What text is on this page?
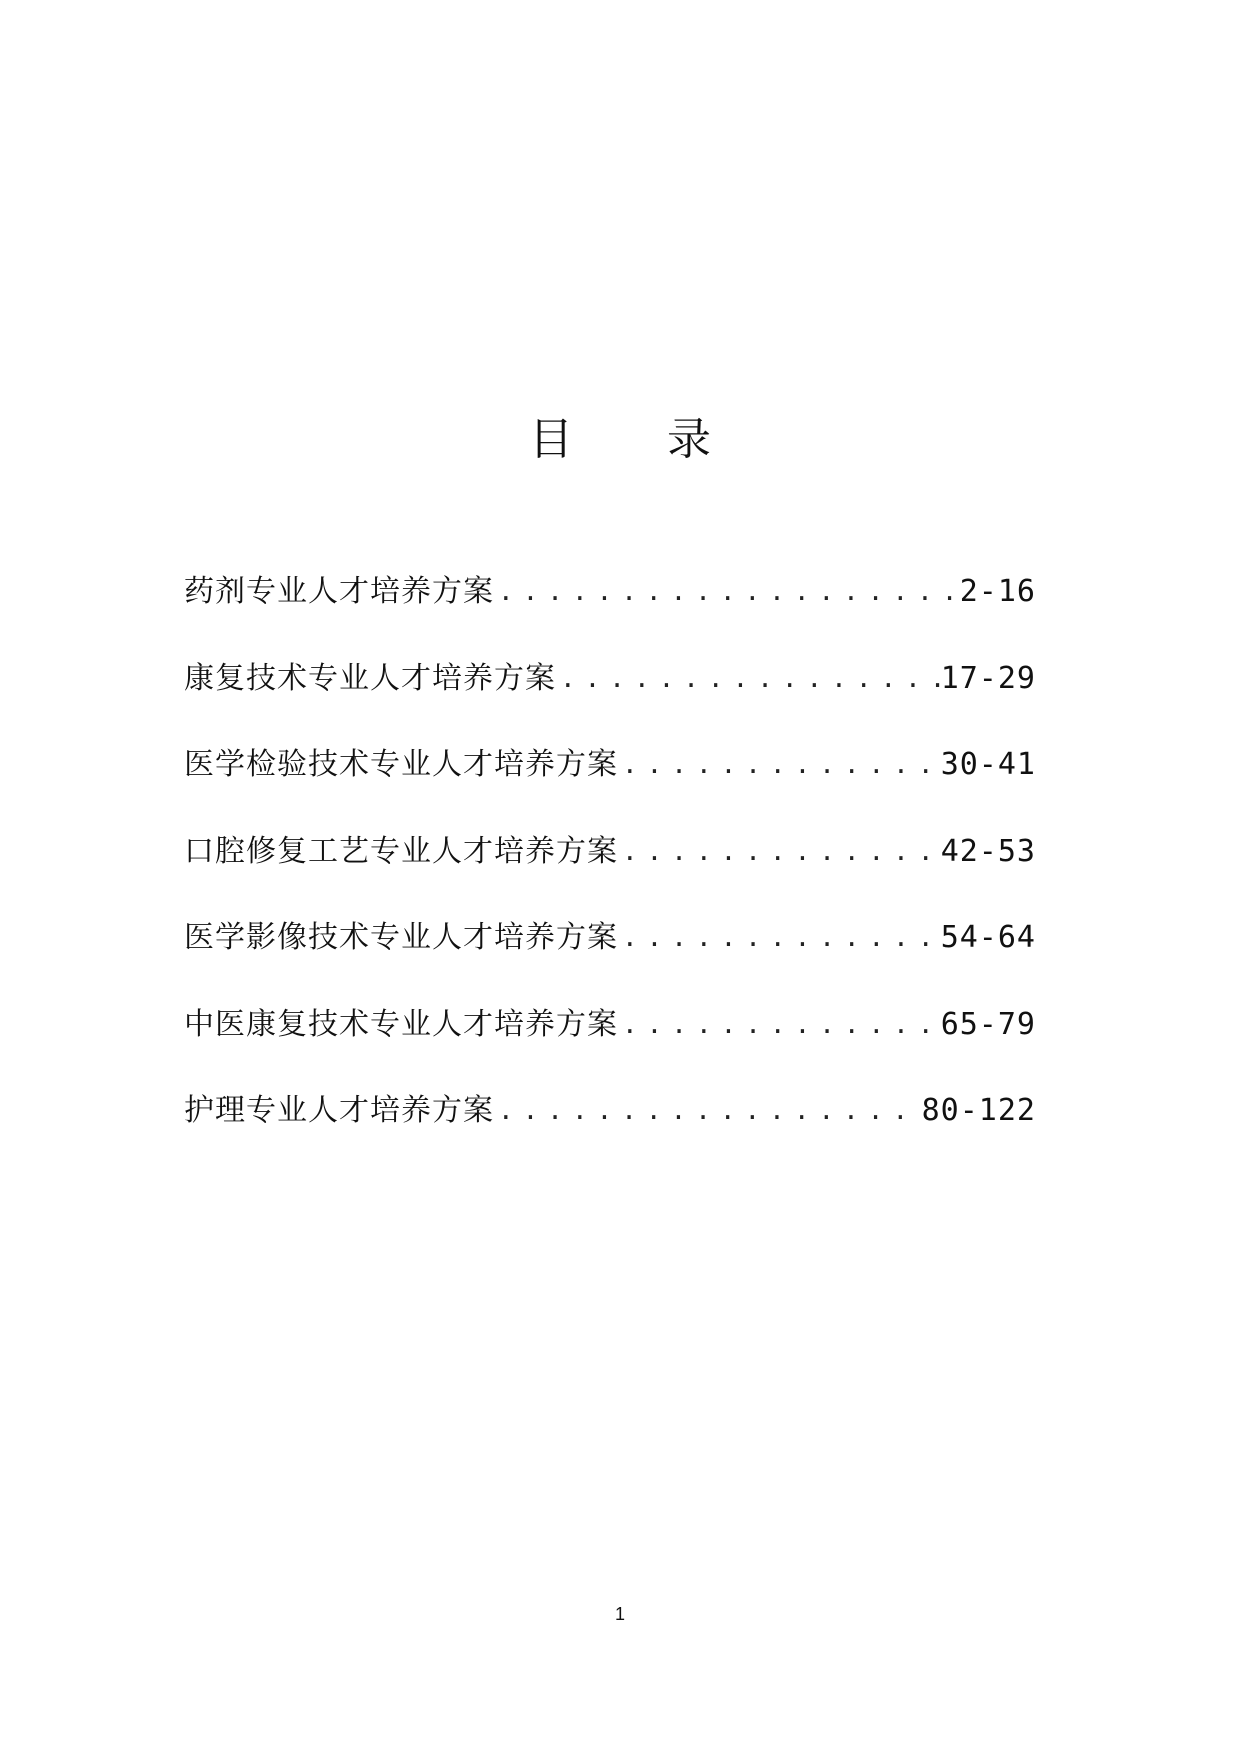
目 录
药剂专业人才培养方案 .....	2-16
康复技术专业人才培养方案 .....	17-29
医学检验技术专业人才培养方案 .....	30-41
口腔修复工艺专业人才培养方案 .....	42-53
医学影像技术专业人才培养方案 .....	54-64
中医康复技术专业人才培养方案 .....	65-79
护理专业人才培养方案 .....	80-122
1
